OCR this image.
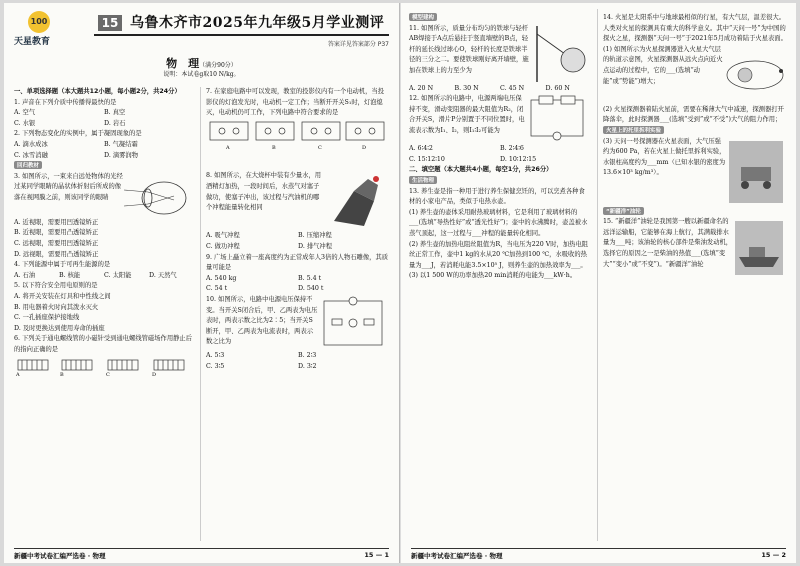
100
天星教育
15 乌鲁木齐市2025年九年级5月学业测评
答案详见答案部分 P37
物　理（满分90分）
说明：本试卷g取10 N/kg。

一、单项选择题（本大题共12小题，每小题2分，共24分）

1. 声音在下列介质中传播得最快的是

A. 空气	B. 真空
C. 水银	D. 岩石

2. 下列物态变化的实例中，属于凝固现象的是

A. 滴水成冰	B. 气凝结霜
C. 冰雪消融	D. 滴雾润物

回归教材

3. 如图所示，一束来自远处物体的光经过某同学眼睛的晶状体折射后所成的像落在视网膜之前，则该同学的眼睛

A. 近视眼，需要用凹透镜矫正

B. 近视眼，需要用凸透镜矫正

C. 远视眼，需要用凹透镜矫正

D. 远视眼，需要用凸透镜矫正

4. 下列能源中属于可再生能源的是

A. 石油	B. 核能	C. 太阳能	D. 天然气

5. 以下符合安全用电原则的是

A. 将开关安装在灯具和中性线之间

B. 用电器着火时向其泼水灭火

C. 一孔插座保护接地线

D. 及时更换达到使用寿命的插座

6. 下列关于通电螺线管的小磁针受到通电螺线管磁场作用静止后的指向正确的是

A	B	C	D

7. 在家庭电路中可以发现，教室的投影仪内有一个电动机，当投影仪的灯泡发光时，电动机一定工作；当断开开关S₁时，灯泡熄灭，电动机仍可工作，下列电路中符合要求的是

A	B	C	D

8. 如图所示，在大烧杯中装有少量水，用酒精灯加热，一段时间后，水蒸气对塞子做功，使塞子冲出，该过程与汽油机的哪个冲程能量转化相同

A. 吸气冲程	B. 压缩冲程
C. 做功冲程	D. 排气冲程

9. 广场上矗立着一座高度约为正常成年人3倍的人物石雕像，其质量可能是

A. 540 kg	B. 5.4 t
C. 54 t	D. 540 t

10. 如图所示，电路中电源电压保持不变。当开关S闭合后，甲、乙两表为电压表时，两表示数之比为2∶5；当开关S断开，甲、乙两表为电流表时，两表示数之比为

A. 5∶3	B. 2∶3
C. 3∶5	D. 3∶2
新疆中考试卷汇编严选卷 · 物理	15 — 1

模型建构

11. 如图所示，质量分布均匀的铁球与轻杆AB焊接于A点后悬挂于竖直墙壁的B点，轻杆的延长线过球心O，轻杆的长度是铁球半径的三分之二。要使铁球刚好离开墙壁，施加在铁球上的力至少为

A. 20 N	B. 30 N	C. 45 N	D. 60 N

12. 如图所示的电路中，电源两端电压保持不变，滑动变阻器的最大阻值为R₂，闭合开关S，滑片P分别置于不同位置时，电流表示数为I₁、I₂，则I₁∶I₂可能为

A. 6∶4∶2	B. 2∶4∶6
C. 15∶12∶10	D. 10∶12∶15

二、填空题（本大题共4小题，每空1分，共26分）

生活物理

13. 养生壶是指一种用于进行养生保健烹饪的，可以烹煮各种食材的小家电产品，类似于电热水壶。

(1) 养生壶的壶体采用耐热玻璃材料，它是利用了玻璃材料的___(选填“导热性好”或“透光性好”)；壶中的水沸腾时，壶盖被水蒸气顶起，这一过程与___冲程的能量转化相同。

(2) 养生壶的加热电阻丝阻值为R，当电压为220 V时，加热电阻丝正常工作，壶中1 kg的水从20 ℃加热到100 ℃，水吸收的热量为___J，若消耗电能3.5×10⁵ J，则养生壶的加热效率为___。

(3) 以1 500 W的功率加热20 min消耗的电能为___kW·h。

14. 火星是太阳系中与地球最相似的行星，有大气层，温差很大。人类对火星的探测具有重大的科学意义。其中“天问一号”为中国的探火之星，探测器“天问一号”于2021年5月成功着陆于火星表面。

(1) 如图所示为火星探测器进入火星大气层的轨道示意图，火星探测器从远火点向近火点运动的过程中，它的___(选填“动能”或“势能”)增大；

(2) 火星探测器着陆火星前，需要在稀薄大气中减速，探测器打开降落伞，此时探测器___(选填“受到”或“不受”)大气的阻力作用；

火星上的托里拆利实验

(3) 天问一号探测器在火星表面，大气压强约为600 Pa，若在火星上做托里拆利实验，水银柱高度约为___mm（已知水银的密度为13.6×10³ kg/m³）。

“新疆洋”油轮

15. “新疆洋”油轮是我国第一艘以新疆命名的远洋运输船，它能够在海上航行，其满载排水量为___吨；该油轮的核心部件是柴油发动机，选择它的原因之一是柴油的热值___(选填“变大”“变小”或“不变”)。“新疆洋”油轮

新疆中考试卷汇编严选卷 · 物理	15 — 2
